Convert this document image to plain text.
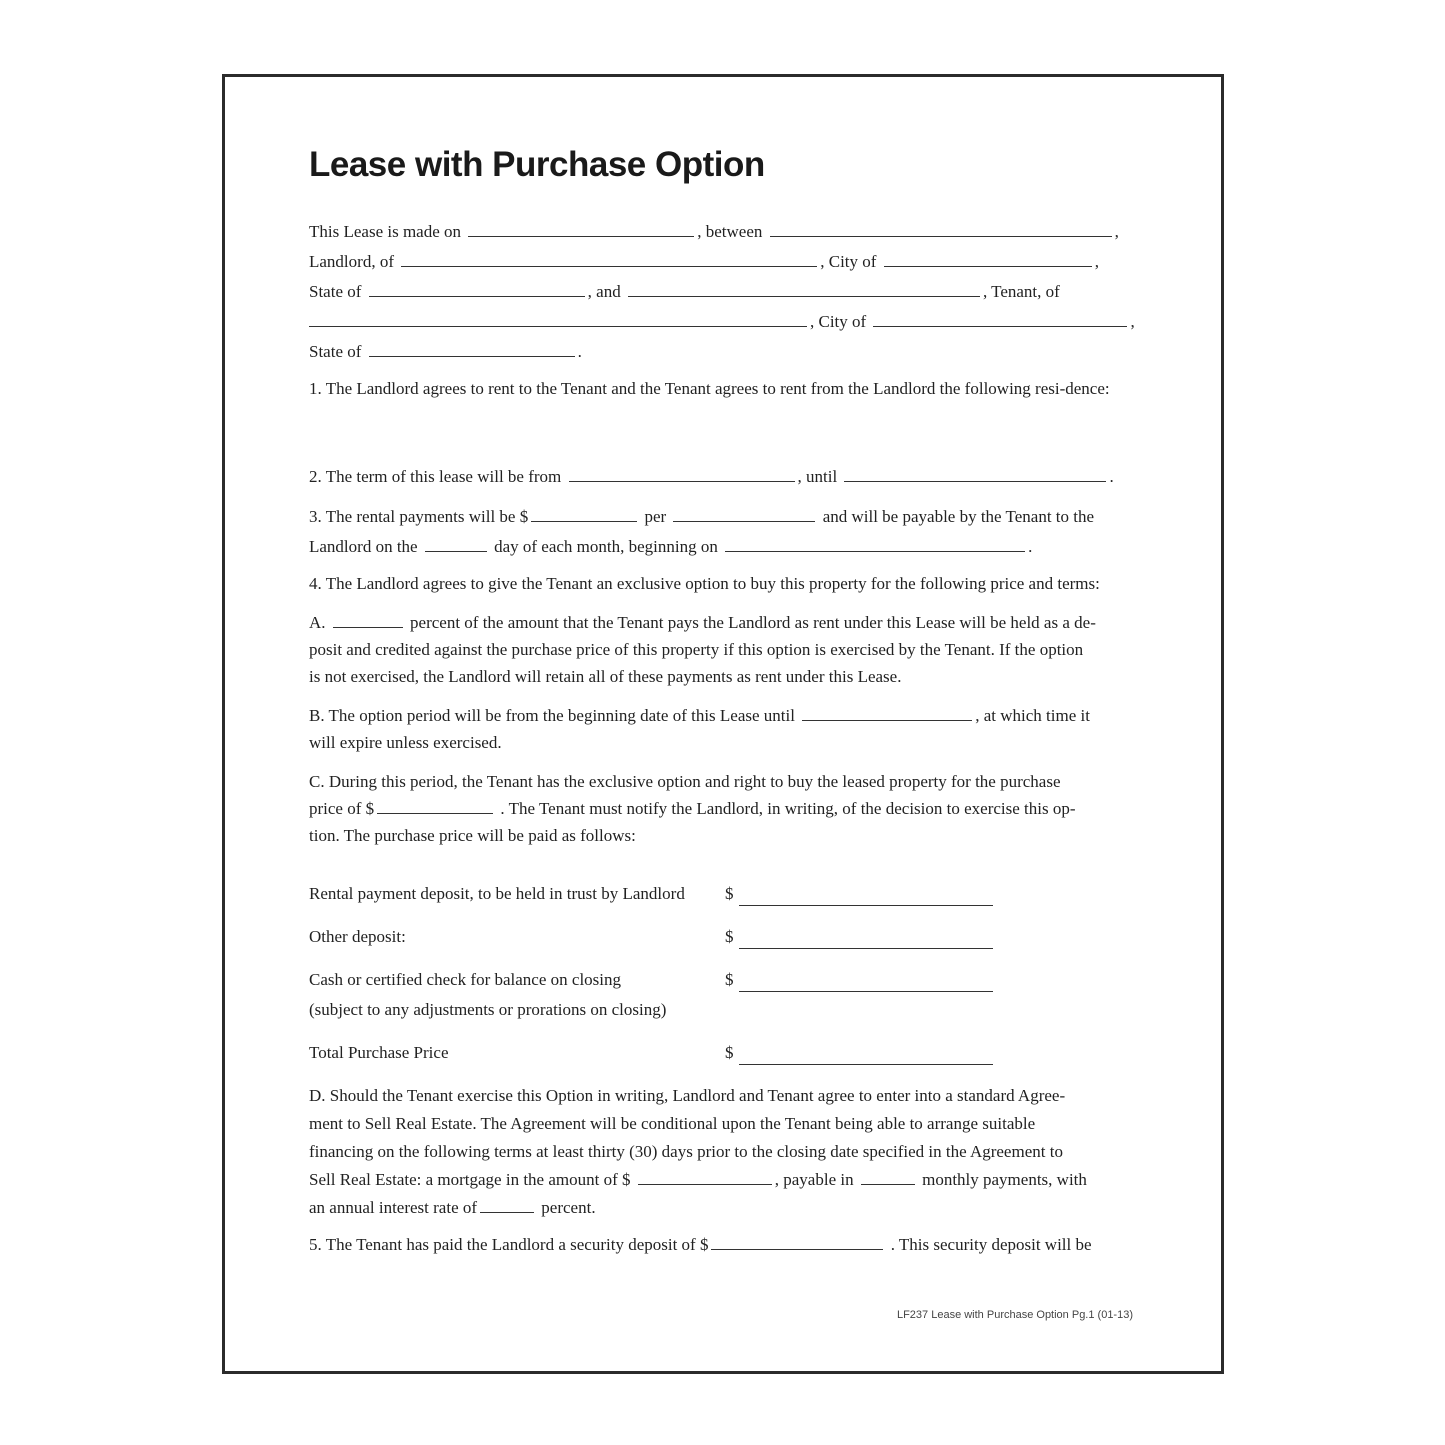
Lease with Purchase Option
This Lease is made on	, between	,
Landlord, of	, City of	,
State of	, and	, Tenant, of
, City of	,
State of	.
1. The Landlord agrees to rent to the Tenant and the Tenant agrees to rent from the Landlord the following resi-dence:
2. The term of this lease will be from	, until	.
3. The rental payments will be $	per	and will be payable by the Tenant to the
Landlord on the	day of each month, beginning on	.
4. The Landlord agrees to give the Tenant an exclusive option to buy this property for the following price and terms:
A.	percent of the amount that the Tenant pays the Landlord as rent under this Lease will be held as a de-
posit and credited against the purchase price of this property if this option is exercised by the Tenant. If the option
is not exercised, the Landlord will retain all of these payments as rent under this Lease.
B. The option period will be from the beginning date of this Lease until	, at which time it
will expire unless exercised.
C. During this period, the Tenant has the exclusive option and right to buy the leased property for the purchase
price of $	. The Tenant must notify the Landlord, in writing, of the decision to exercise this op-
tion. The purchase price will be paid as follows:
Rental payment deposit, to be held in trust by Landlord $
Other deposit:	$
Cash or certified check for balance on closing	$
(subject to any adjustments or prorations on closing)
Total Purchase Price	$
D. Should the Tenant exercise this Option in writing, Landlord and Tenant agree to enter into a standard Agree-
ment to Sell Real Estate. The Agreement will be conditional upon the Tenant being able to arrange suitable
financing on the following terms at least thirty (30) days prior to the closing date specified in the Agreement to
Sell Real Estate: a mortgage in the amount of $	, payable in	monthly payments, with
an annual interest rate of	percent.
5. The Tenant has paid the Landlord a security deposit of $	. This security deposit will be
LF237 Lease with Purchase Option Pg.1 (01-13)
